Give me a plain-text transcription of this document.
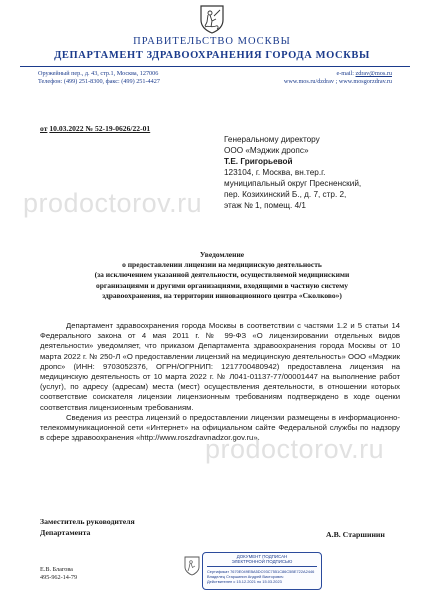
ПРАВИТЕЛЬСТВО МОСКВЫ
ДЕПАРТАМЕНТ ЗДРАВООХРАНЕНИЯ ГОРОДА МОСКВЫ
Оружейный пер., д. 43, стр.1, Москва, 127006
Телефон: (499) 251-8300, факс: (499) 251-4427
e-mail: zdrav@mos.ru
www.mos.ru/dzdrav ; www.mosgorzdrav.ru
от 10.03.2022 № 52-19-0626/22-01
Генеральному директору
ООО «Мэджик дропс»
Т.Е. Григорьевой
123104, г. Москва, вн.тер.г.
муниципальный округ Пресненский,
пер. Козихинский Б., д. 7, стр. 2,
этаж № 1, помещ. 4/1
Уведомление
о предоставлении лицензии на медицинскую деятельность
(за исключением указанной деятельности, осуществляемой медицинскими
организациями и другими организациями, входящими в частную систему
здравоохранения, на территории инновационного центра «Сколково»)

Департамент здравоохранения города Москвы в соответствии с частями 1.2 и 5 статьи 14 Федерального закона от 4 мая 2011 г. № 99-ФЗ «О лицензировании отдельных видов деятельности» уведомляет, что приказом Департамента здравоохранения города Москвы от 10 марта 2022 г. № 250-Л «О предоставлении лицензий на медицинскую деятельность» ООО «Мэджик дропс» (ИНН: 9703052376, ОГРН/ОГРНИП: 1217700480942) предоставлена лицензия на медицинскую деятельность от 10 марта 2022 г. № Л041-01137-77/00001447 на выполнение работ (услуг), по адресу (адресам) места (мест) осуществления деятельности, в отношении которых соответствие соискателя лицензии лицензионным требованиям подтверждено в ходе оценки соответствия лицензионным требованиям.

Сведения из реестра лицензий о предоставлении лицензии размещены в информационно-телекоммуникационной сети «Интернет» на официальном сайте Федеральной службы по надзору в сфере здравоохранения «http://www.roszdravnadzor.gov.ru».

Заместитель руководителя
Департамента	А.В. Старшинин
ДОКУМЕНТ ПОДПИСАН
ЭЛЕКТРОННОЙ ПОДПИСЬЮ
Сертификат 7670E049EBA5DC93C7551C86C5BE722A2446
Владелец Старшинин Андрей Викторович
Действителен с 15.12.2021 по 15.03.2023
Е.В. Благова
495-962-14-79
prodoctorov.ru
prodoctorov.ru
